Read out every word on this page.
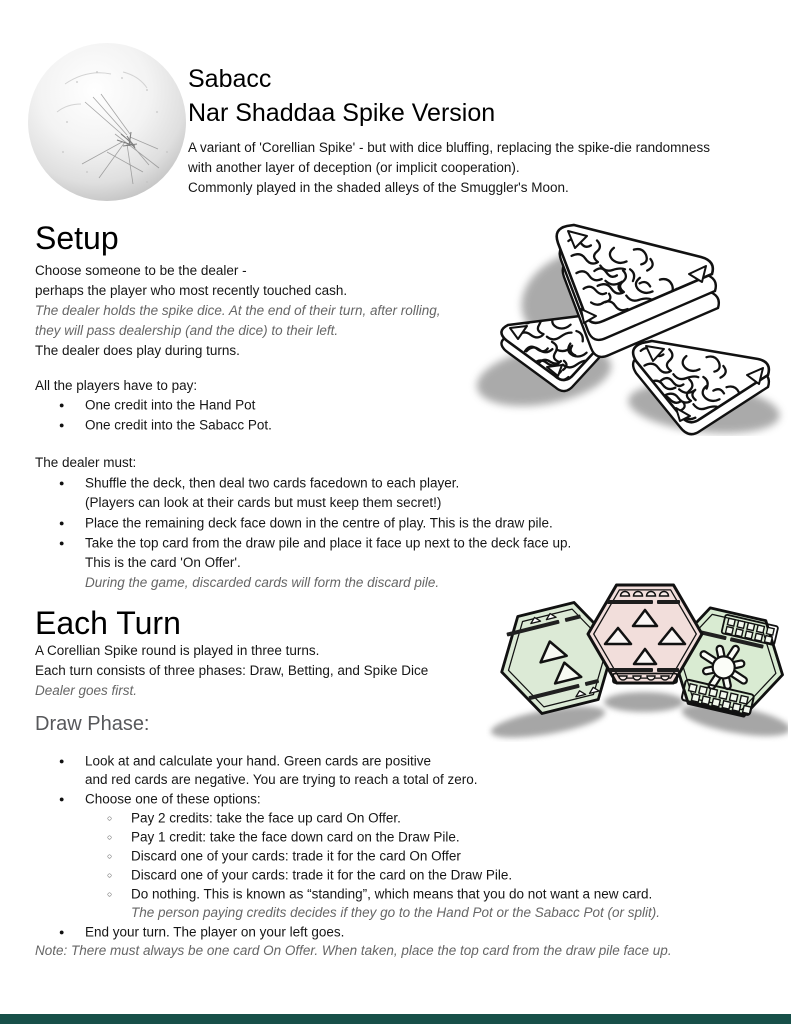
Sabacc
Nar Shaddaa Spike Version
A variant of 'Corellian Spike' - but with dice bluffing, replacing the spike-die randomness
with another layer of deception (or implicit cooperation).
Commonly played in the shaded alleys of the Smuggler's Moon.
Setup
Choose someone to be the dealer -
perhaps the player who most recently touched cash.
The dealer holds the spike dice. At the end of their turn, after rolling,
they will pass dealership (and the dice) to their left.
The dealer does play during turns.
All the players have to pay:
● One credit into the Hand Pot
● One credit into the Sabacc Pot.
The dealer must:
● Shuffle the deck, then deal two cards facedown to each player.
(Players can look at their cards but must keep them secret!)
● Place the remaining deck face down in the centre of play. This is the draw pile.
● Take the top card from the draw pile and place it face up next to the deck face up.
This is the card 'On Offer'.
During the game, discarded cards will form the discard pile.
Each Turn
A Corellian Spike round is played in three turns.
Each turn consists of three phases: Draw, Betting, and Spike Dice
Dealer goes first.
Draw Phase:
● Look at and calculate your hand. Green cards are positive
and red cards are negative. You are trying to reach a total of zero.
● Choose one of these options:
○ Pay 2 credits: take the face up card On Offer.
○ Pay 1 credit: take the face down card on the Draw Pile.
○ Discard one of your cards: trade it for the card On Offer
○ Discard one of your cards: trade it for the card on the Draw Pile.
○ Do nothing. This is known as “standing”, which means that you do not want a new card.
The person paying credits decides if they go to the Hand Pot or the Sabacc Pot (or split).
● End your turn. The player on your left goes.
Note: There must always be one card On Offer. When taken, place the top card from the draw pile face up.
